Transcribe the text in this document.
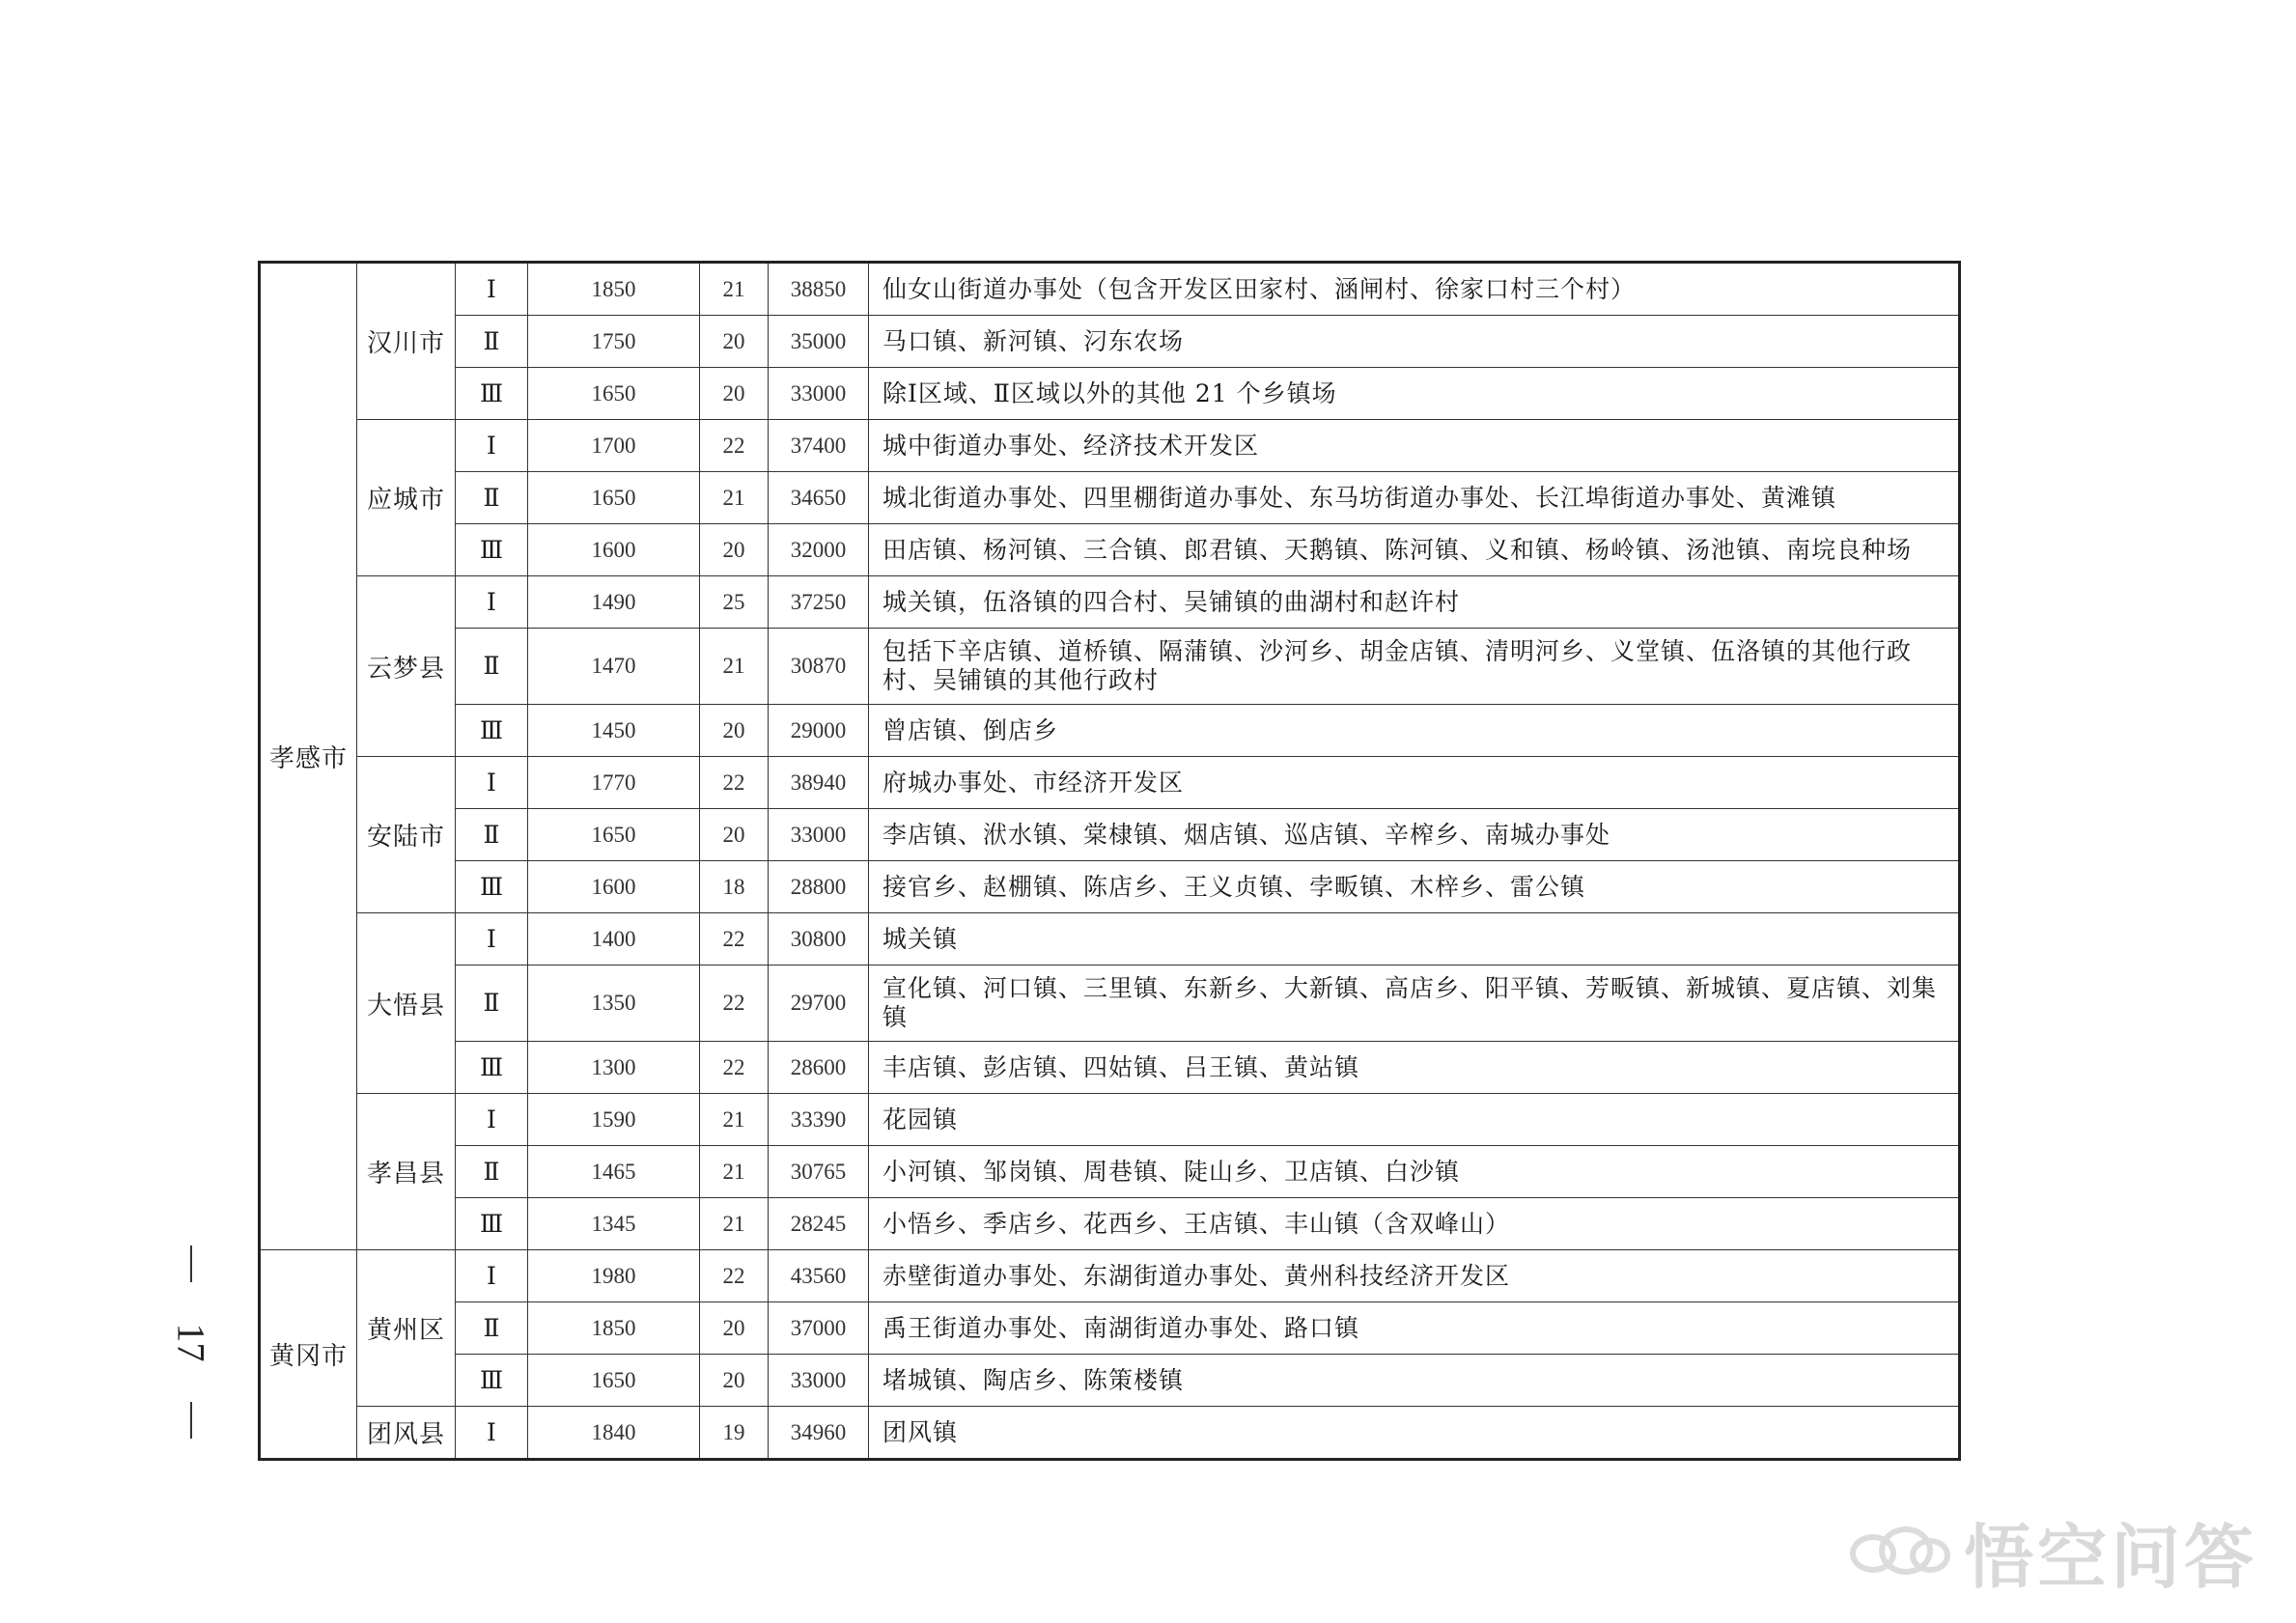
孝感市	汉川市	Ⅰ	1850	21	38850	仙女山街道办事处（包含开发区田家村、涵闸村、徐家口村三个村）
		Ⅱ	1750	20	35000	马口镇、新河镇、汈东农场
		Ⅲ	1650	20	33000	除Ⅰ区域、Ⅱ区域以外的其他 21 个乡镇场
	应城市	Ⅰ	1700	22	37400	城中街道办事处、经济技术开发区
		Ⅱ	1650	21	34650	城北街道办事处、四里棚街道办事处、东马坊街道办事处、长江埠街道办事处、黄滩镇
		Ⅲ	1600	20	32000	田店镇、杨河镇、三合镇、郎君镇、天鹅镇、陈河镇、义和镇、杨岭镇、汤池镇、南垸良种场
	云梦县	Ⅰ	1490	25	37250	城关镇，伍洛镇的四合村、吴铺镇的曲湖村和赵许村
		Ⅱ	1470	21	30870	包括下辛店镇、道桥镇、隔蒲镇、沙河乡、胡金店镇、清明河乡、义堂镇、伍洛镇的其他行政村、吴铺镇的其他行政村
		Ⅲ	1450	20	29000	曾店镇、倒店乡
	安陆市	Ⅰ	1770	22	38940	府城办事处、市经济开发区
		Ⅱ	1650	20	33000	李店镇、洑水镇、棠棣镇、烟店镇、巡店镇、辛榨乡、南城办事处
		Ⅲ	1600	18	28800	接官乡、赵棚镇、陈店乡、王义贞镇、孛畈镇、木梓乡、雷公镇
	大悟县	Ⅰ	1400	22	30800	城关镇
		Ⅱ	1350	22	29700	宣化镇、河口镇、三里镇、东新乡、大新镇、高店乡、阳平镇、芳畈镇、新城镇、夏店镇、刘集镇
		Ⅲ	1300	22	28600	丰店镇、彭店镇、四姑镇、吕王镇、黄站镇
	孝昌县	Ⅰ	1590	21	33390	花园镇
		Ⅱ	1465	21	30765	小河镇、邹岗镇、周巷镇、陡山乡、卫店镇、白沙镇
		Ⅲ	1345	21	28245	小悟乡、季店乡、花西乡、王店镇、丰山镇（含双峰山）
黄冈市	黄州区	Ⅰ	1980	22	43560	赤壁街道办事处、东湖街道办事处、黄州科技经济开发区
		Ⅱ	1850	20	37000	禹王街道办事处、南湖街道办事处、路口镇
		Ⅲ	1650	20	33000	堵城镇、陶店乡、陈策楼镇
	团风县	Ⅰ	1840	19	34960	团风镇
17
悟空问答
